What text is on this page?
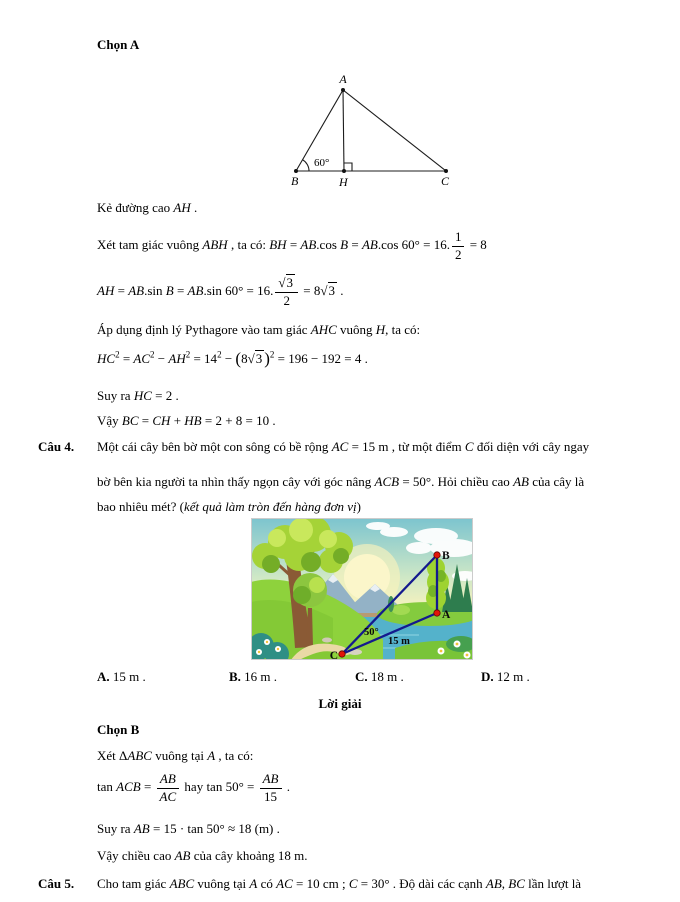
Chọn A
A
B	H	C
60°
Kẻ đường cao AH .
Xét tam giác vuông ABH , ta có: BH = AB.cos B = AB.cos 60° = 16. $\frac{1}{2} = 8$
AH = AB.sin B = AB.sin 60° = 16. $\frac{√3}{2} = 8√3$ .
Áp dụng định lý Pythagore vào tam giác AHC vuông H, ta có:
$HC^2 = AC^2 - AH^2 = 14^2 - (8√3$ )$^2$ = 196 − 192 = 4 .
Suy ra HC = 2 .
Vậy BC = CH + HB = 2 + 8 = 10 .
Câu 4. Một cái cây bên bờ một con sông có bề rộng AC = 15 m , từ một điểm C đối diện với cây ngay
bờ bên kia người ta nhìn thấy ngọn cây với góc nâng ACB = 50°. Hỏi chiều cao AB của cây là
bao nhiêu mét? (kết quả làm tròn đến hàng đơn vị)
B
A
C
50°
15 m
A. 15 m .	B. 16 m .	C. 18 m .	D. 12 m .
Lời giải
Chọn B
Xét ΔABC vuông tại A , ta có:
tan ACB = $\frac{AB}{AC}$ hay $\tan 50^\circ = \frac{AB}{15}$ .
Suy ra AB = 15 · tan 50° ≈ 18 (m) .
Vậy chiều cao AB của cây khoảng 18 m.
Câu 5. Cho tam giác ABC vuông tại A có AC = 10 cm ; C = 30° . Độ dài các cạnh AB, BC lần lượt là
